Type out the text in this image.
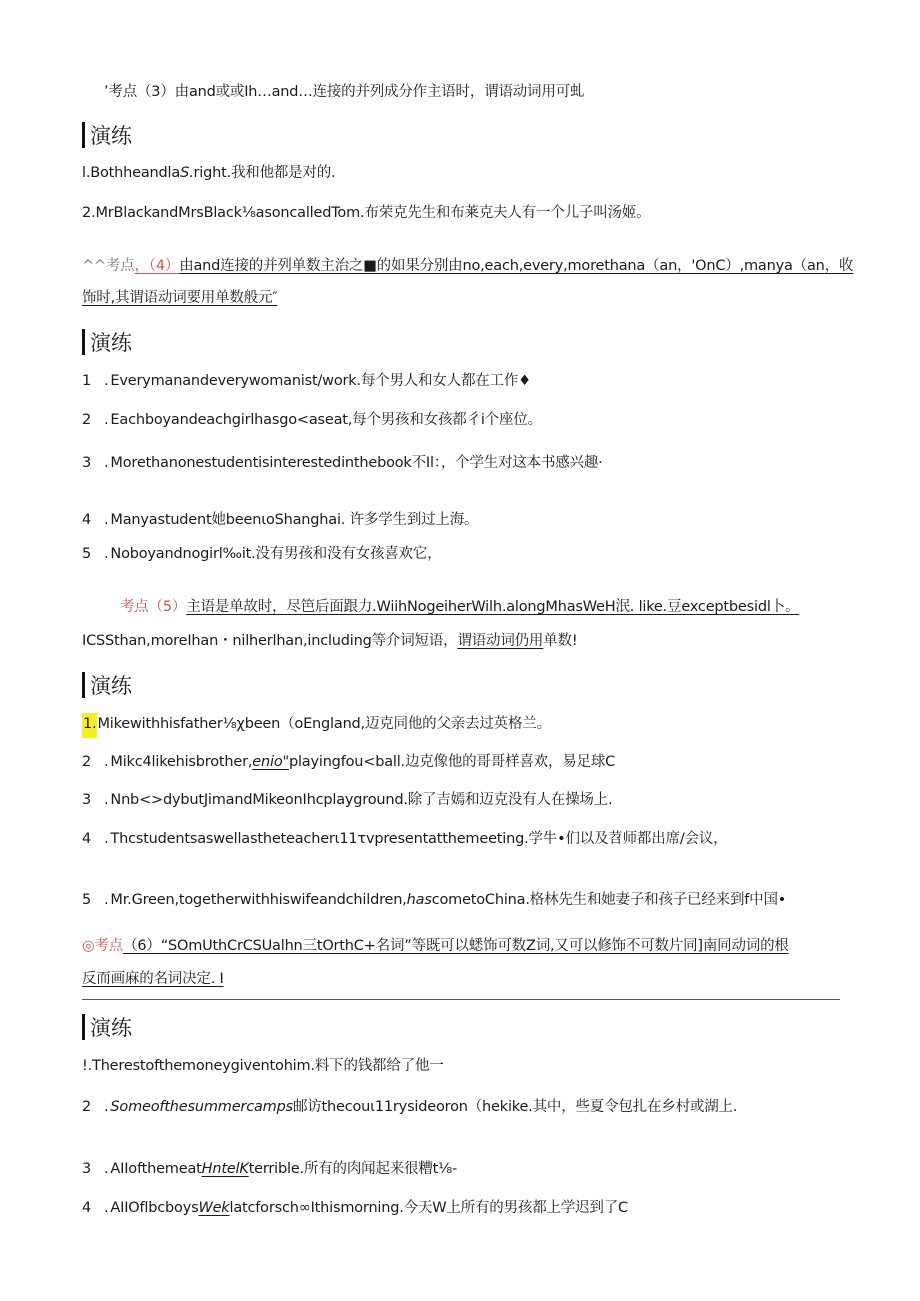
’考点（3）由and或或Ih…and…连接的并列成分作主语时，谓语动词用可虬
演练
l.BothheandlaS.right.我和他都是对的.
2.MrBlackandMrsBlack⅛asoncalledTom.布荣克先生和布莱克夫人有一个儿子叫汤姬。
^^考点，（4）由and连接的并列单数主治之■的如果分别由no,each,every,morethana（an，'OnC）,manya（an，收
饰时,其谓语动词要用单数般元″
演练
1 . Everymanandeverywomanist∕work.每个男人和女人都在工作♦
2 . Eachboyandeachgirlhasgo<aseat,每个男孩和女孩都彳i个座位。
3 . Morethanonestudentisinterestedinthebook不Il：，个学生对这本书感兴趣·
4 . Manyastudent她beenιoShanghai. 许多学生到过上海。
5 . Noboyandnogirl‰it.没有男孩和没有女孩喜欢它，
考点（5）主语是单故时，尽笆后面跟力.WiihNogeiherWilh.alongMhasWeH泯. like.豆exceptbesidl卜。
ICSSthan,moreIhan・nilherlhan,including等介词短语，谓语动词仍用单数!
演练
1.Mikewithhisfather⅛χbeen（oEngland,迈克同他的父亲去过英格兰。
2 . Mikc4likehisbrother,enio"playingfou<ball.边克像他的哥哥样喜欢，易足球C
3 . Nnb<>dybutJimandMikeonIhcplayground.除了吉嫣和迈克没有人在操场上.
4 . Thcstudentsaswellastheteacherι11τvpresentatthemeeting.学牛•们以及苕师都出席/会议，
5 . Mr.Green,togetherwithhiswifeandchildren,hascometoChina.格林先生和她妻子和孩子已经来到f中国•
◎考点（6）“SOmUthCrCSUalhn三tOrthC+名词”等既可以蟋饰可数Z词,又可以修饰不可数片同]南同动词的根
反而画麻的名词决定. I
演练
!.Therestofthemoneygiventohim.料下的钱都给了他一
2 . Someofthesummercamps邮访thecouι11rysideoron（hekike.其中，些夏令包扎在乡村或湖上.
3 . AIIofthemeatHntelKterrible.所有的肉闻起来很糟t⅛-
4 . AIIOflbcboysWeklatcforsch∞Ithismorning.今天W上所有的男孩都上学迟到了C
